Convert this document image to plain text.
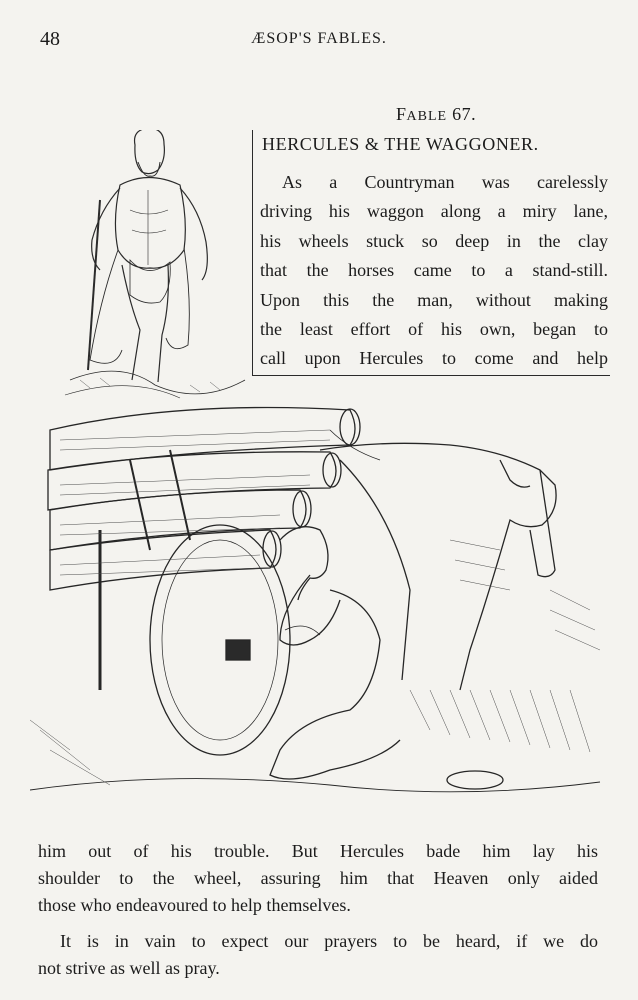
48	ÆSOP'S FABLES.
FABLE 67.
HERCULES & THE WAGGONER.
As a Countryman was carelessly
driving his waggon along a miry lane,
his wheels stuck so deep in the clay
that the horses came to a stand-still.
Upon this the man, without making
the least effort of his own, began to
call upon Hercules to come and help
him out of his trouble. But Hercules bade him lay his
shoulder to the wheel, assuring him that Heaven only aided
those who endeavoured to help themselves.
It is in vain to expect our prayers to be heard, if we do
not strive as well as pray.
